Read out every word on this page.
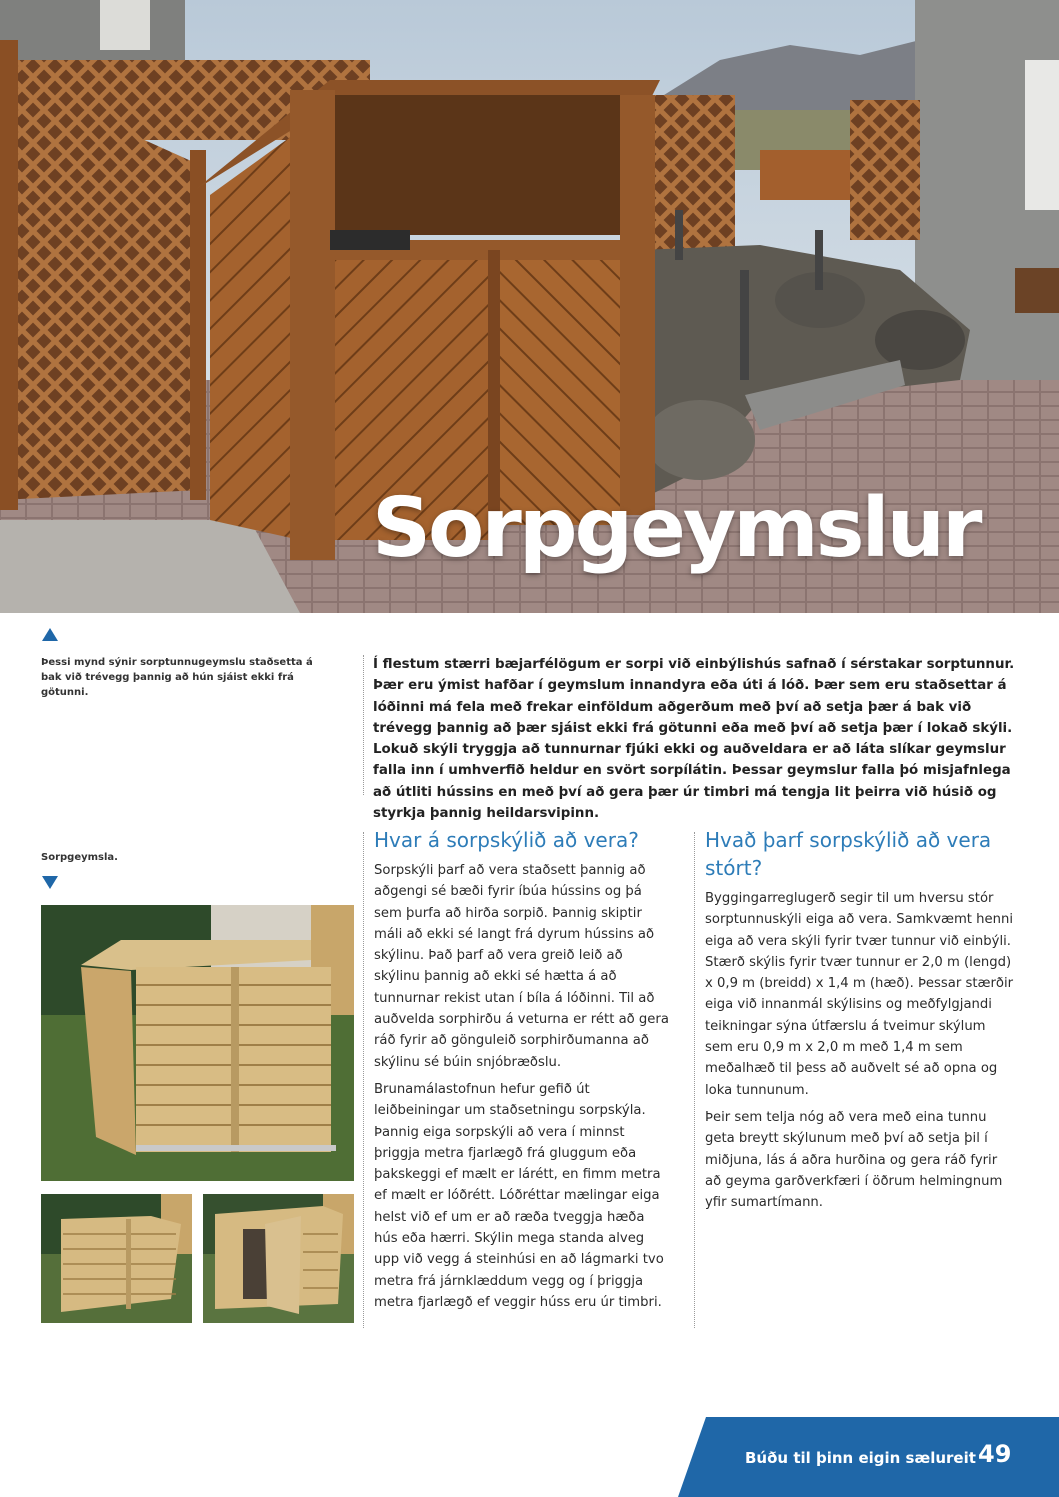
Sorpgeymslur
Þessi mynd sýnir sorptunnugeymslu staðsetta á bak við trévegg þannig að hún sjáist ekki frá götunni.
Sorpgeymsla.
Í flestum stærri bæjarfélögum er sorpi við einbýlishús safnað í sérstakar sorptunnur. Þær eru ýmist hafðar í geymslum innandyra eða úti á lóð. Þær sem eru staðsettar á lóðinni má fela með frekar einföldum aðgerðum með því að setja þær á bak við trévegg þannig að þær sjáist ekki frá götunni eða með því að setja þær í lokað skýli. Lokuð skýli tryggja að tunnurnar fjúki ekki og auðveldara er að láta slíkar geymslur falla inn í umhverfið heldur en svört sorpílátin. Þessar geymslur falla þó misjafnlega að útliti hússins en með því að gera þær úr timbri má tengja lit þeirra við húsið og styrkja þannig heildarsvipinn.
Hvar á sorpskýlið að vera?

Sorpskýli þarf að vera staðsett þannig að aðgengi sé bæði fyrir íbúa hússins og þá sem þurfa að hirða sorpið. Þannig skiptir máli að ekki sé langt frá dyrum hússins að skýlinu. Það þarf að vera greið leið að skýlinu þannig að ekki sé hætta á að tunnurnar rekist utan í bíla á lóðinni. Til að auðvelda sorphirðu á veturna er rétt að gera ráð fyrir að gönguleið sorphirðumanna að skýlinu sé búin snjóbræðslu.

Brunamálastofnun hefur gefið út leiðbeiningar um staðsetningu sorpskýla. Þannig eiga sorpskýli að vera í minnst þriggja metra fjarlægð frá gluggum eða þakskeggi ef mælt er lárétt, en fimm metra ef mælt er lóðrétt. Lóðréttar mælingar eiga helst við ef um er að ræða tveggja hæða hús eða hærri. Skýlin mega standa alveg upp við vegg á steinhúsi en að lágmarki tvo metra frá járnklæddum vegg og í þriggja metra fjarlægð ef veggir húss eru úr timbri.

Hvað þarf sorpskýlið að vera stórt?

Byggingarreglugerð segir til um hversu stór sorptunnuskýli eiga að vera. Samkvæmt henni eiga að vera skýli fyrir tvær tunnur við einbýli. Stærð skýlis fyrir tvær tunnur er 2,0 m (lengd) x 0,9 m (breidd) x 1,4 m (hæð). Þessar stærðir eiga við innanmál skýlisins og meðfylgjandi teikningar sýna útfærslu á tveimur skýlum sem eru 0,9 m x 2,0 m með 1,4 m sem meðalhæð til þess að auðvelt sé að opna og loka tunnunum.

Þeir sem telja nóg að vera með eina tunnu geta breytt skýlunum með því að setja þil í miðjuna, lás á aðra hurðina og gera ráð fyrir að geyma garðverkfæri í öðrum helmingnum yfir sumartímann.

Búðu til þinn eigin sælureit 49
